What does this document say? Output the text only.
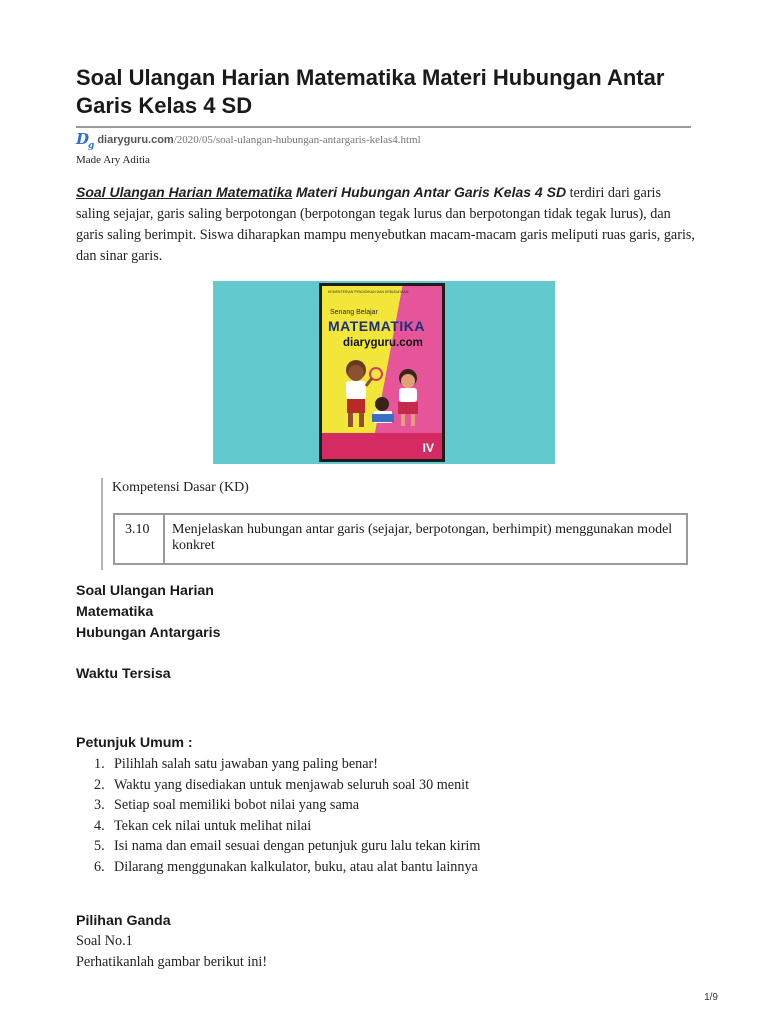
Soal Ulangan Harian Matematika Materi Hubungan Antar Garis Kelas 4 SD
$D_g$ diaryguru.com /2020/05/soal-ulangan-hubungan-antargaris-kelas4.html
Made Ary Aditia

Soal Ulangan Harian Matematika Materi Hubungan Antar Garis Kelas 4 SD terdiri dari garis saling sejajar, garis saling berpotongan (berpotongan tegak lurus dan berpotongan tidak tegak lurus), dan garis saling berimpit. Siswa diharapkan mampu menyebutkan macam-macam garis meliputi ruas garis, garis, dan sinar garis.

KEMENTERIAN PENDIDIKAN DAN KEBUDAYAAN
Senang Belajar
MATEMATIKA
diaryguru.com
IV
Kompetensi Dasar (KD)
3.10	Menjelaskan hubungan antar garis (sejajar, berpotongan, berhimpit) menggunakan model konkret
Soal Ulangan Harian
Matematika
Hubungan Antargaris
Waktu Tersisa
Petunjuk Umum :
1. Pilihlah salah satu jawaban yang paling benar!
2. Waktu yang disediakan untuk menjawab seluruh soal 30 menit
3. Setiap soal memiliki bobot nilai yang sama
4. Tekan cek nilai untuk melihat nilai
5. Isi nama dan email sesuai dengan petunjuk guru lalu tekan kirim
6. Dilarang menggunakan kalkulator, buku, atau alat bantu lainnya
Pilihan Ganda
Soal No.1
Perhatikanlah gambar berikut ini!
1/9
